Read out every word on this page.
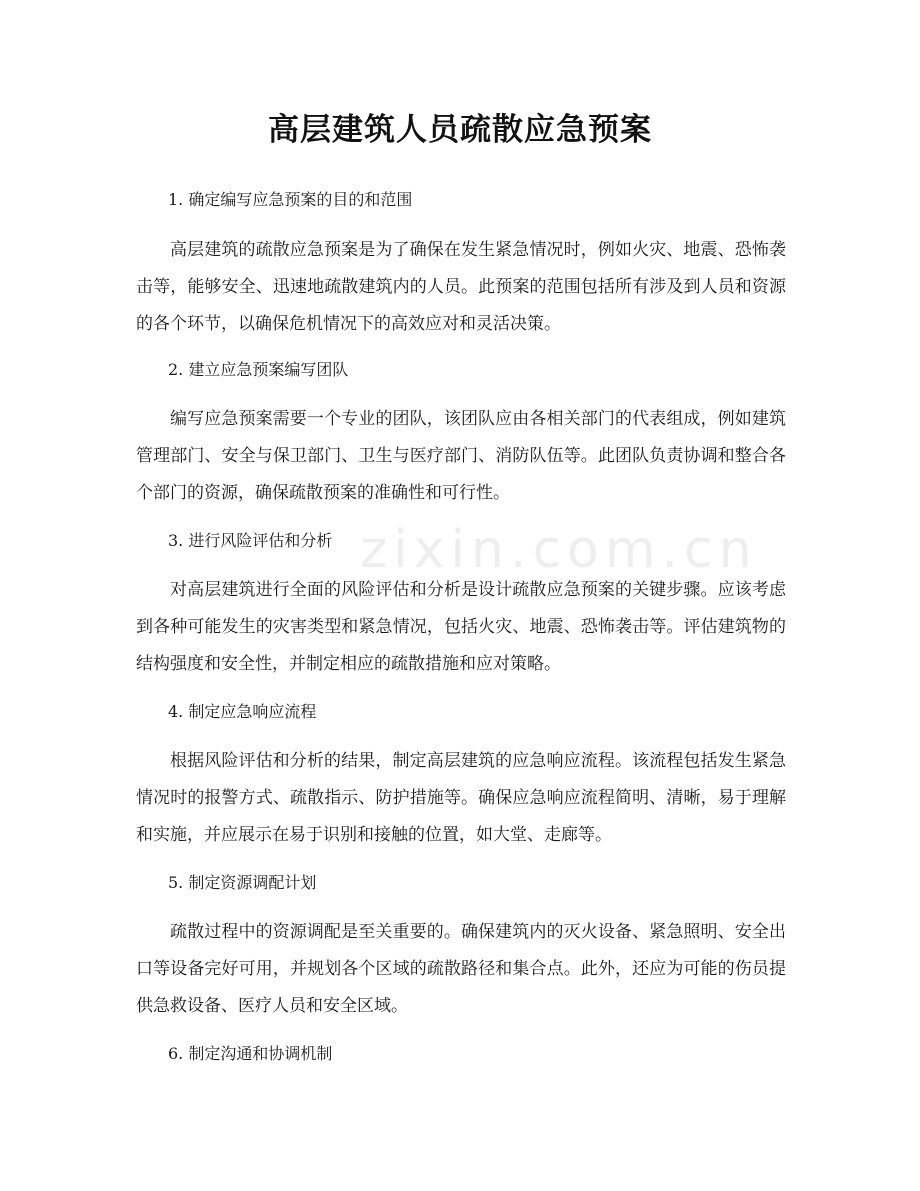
zixin.com.cn
高层建筑人员疏散应急预案
1. 确定编写应急预案的目的和范围
高层建筑的疏散应急预案是为了确保在发生紧急情况时，例如火灾、地震、恐怖袭击等，能够安全、迅速地疏散建筑内的人员。此预案的范围包括所有涉及到人员和资源的各个环节，以确保危机情况下的高效应对和灵活决策。
2. 建立应急预案编写团队
编写应急预案需要一个专业的团队，该团队应由各相关部门的代表组成，例如建筑管理部门、安全与保卫部门、卫生与医疗部门、消防队伍等。此团队负责协调和整合各个部门的资源，确保疏散预案的准确性和可行性。
3. 进行风险评估和分析
对高层建筑进行全面的风险评估和分析是设计疏散应急预案的关键步骤。应该考虑到各种可能发生的灾害类型和紧急情况，包括火灾、地震、恐怖袭击等。评估建筑物的结构强度和安全性，并制定相应的疏散措施和应对策略。
4. 制定应急响应流程
根据风险评估和分析的结果，制定高层建筑的应急响应流程。该流程包括发生紧急情况时的报警方式、疏散指示、防护措施等。确保应急响应流程简明、清晰，易于理解和实施，并应展示在易于识别和接触的位置，如大堂、走廊等。
5. 制定资源调配计划
疏散过程中的资源调配是至关重要的。确保建筑内的灭火设备、紧急照明、安全出口等设备完好可用，并规划各个区域的疏散路径和集合点。此外，还应为可能的伤员提供急救设备、医疗人员和安全区域。
6. 制定沟通和协调机制
